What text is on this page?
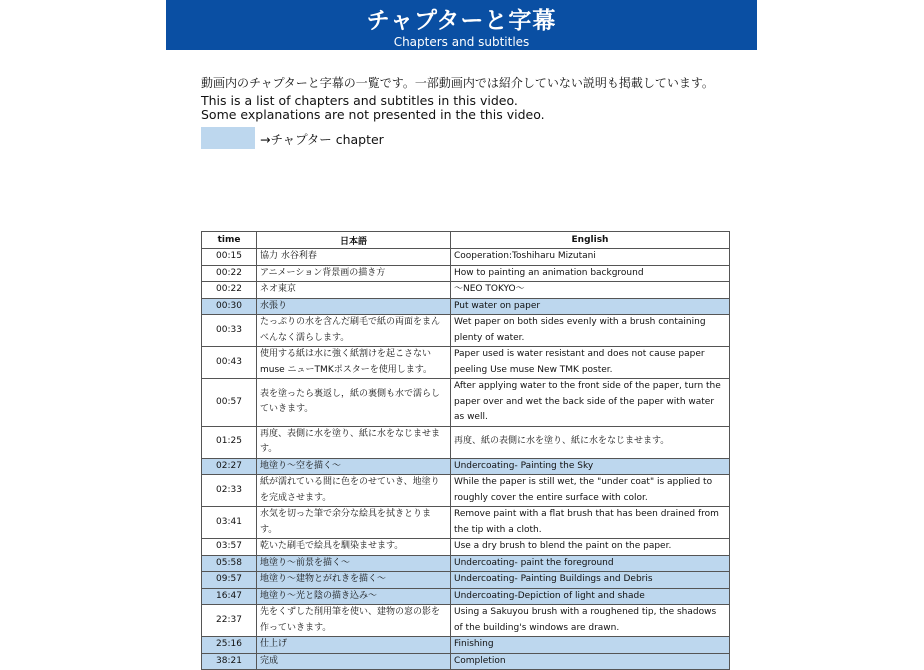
チャプターと字幕
Chapters and subtitles

動画内のチャプターと字幕の一覧です。一部動画内では紹介していない説明も掲載しています。

This is a list of chapters and subtitles in this video.

Some explanations are not presented in the this video.

→チャプター chapter
time	日本語	English
00:15	協力 水谷利春	Cooperation:Toshiharu Mizutani
00:22	アニメーション背景画の描き方	How to painting an animation background
00:22	ネオ東京	〜NEO TOKYO〜
00:30	水張り	Put water on paper
00:33	たっぷりの水を含んだ刷毛で紙の両面をまんべんなく濡らします。	Wet paper on both sides evenly with a brush containing plenty of water.
00:43	使用する紙は水に強く紙割けを起こさないmuse ニューTMKポスターを使用します。	Paper used is water resistant and does not cause paper peeling Use muse New TMK poster.
00:57	表を塗ったら裏返し，紙の裏側も水で濡らしていきます。	After applying water to the front side of the paper, turn the paper over and wet the back side of the paper with water as well.
01:25	再度、表側に水を塗り、紙に水をなじませます。	再度、紙の表側に水を塗り、紙に水をなじませます。
02:27	地塗り〜空を描く〜	Undercoating- Painting the Sky
02:33	紙が濡れている間に色をのせていき、地塗りを完成させます。	While the paper is still wet, the "under coat" is applied to roughly cover the entire surface with color.
03:41	水気を切った筆で余分な絵具を拭きとります。	Remove paint with a flat brush that has been drained from the tip with a cloth.
03:57	乾いた刷毛で絵具を馴染ませます。	Use a dry brush to blend the paint on the paper.
05:58	地塗り〜前景を描く〜	Undercoating- paint the foreground
09:57	地塗り〜建物とがれきを描く〜	Undercoating- Painting Buildings and Debris
16:47	地塗り〜光と陰の描き込み〜	Undercoating-Depiction of light and shade
22:37	先をくずした削用筆を使い、建物の窓の影を作っていきます。	Using a Sakuyou brush with a roughened tip, the shadows of the building's windows are drawn.
25:16	仕上げ	Finishing
38:21	完成	Completion
